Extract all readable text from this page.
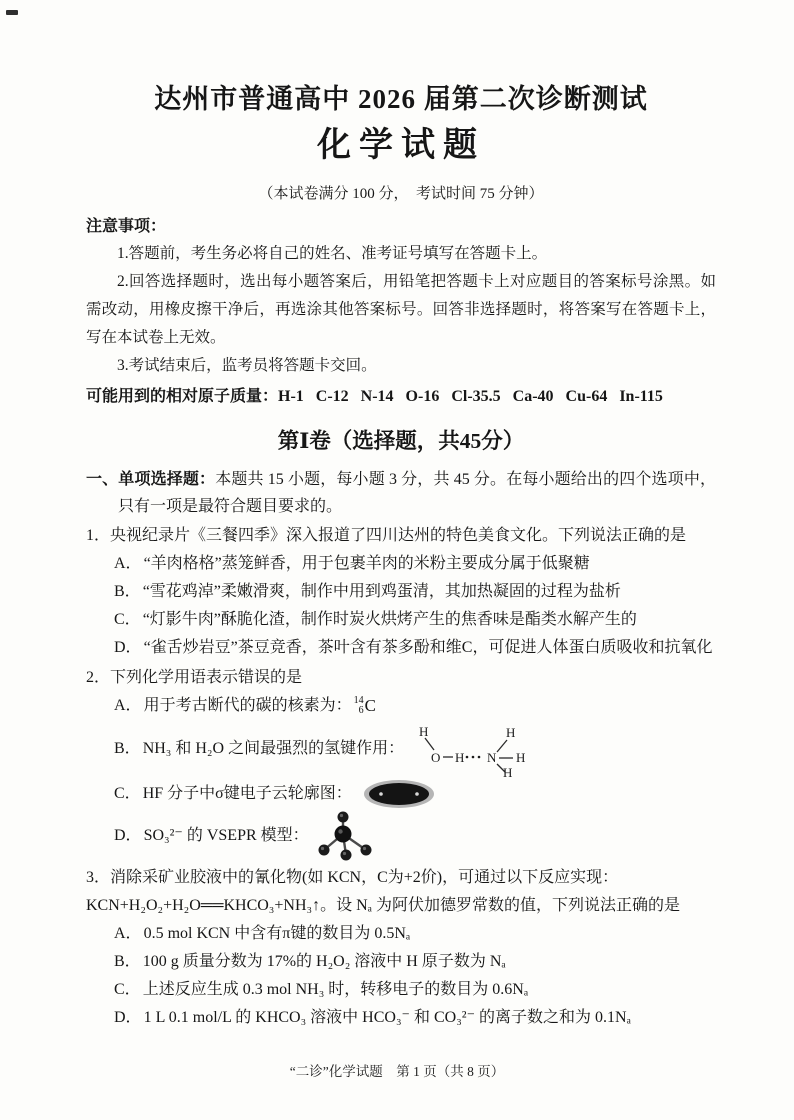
达州市普通高中 2026 届第二次诊断测试
化学试题
（本试卷满分 100 分，  考试时间 75 分钟）
注意事项：
1.答题前，考生务必将自己的姓名、准考证号填写在答题卡上。
2.回答选择题时，选出每小题答案后，用铅笔把答题卡上对应题目的答案标号涂黑。如需改动，用橡皮擦干净后，再选涂其他答案标号。回答非选择题时，将答案写在答题卡上，写在本试卷上无效。
3.考试结束后，监考员将答题卡交回。
可能用到的相对原子质量：H-1   C-12   N-14   O-16   Cl-35.5   Ca-40   Cu-64   In-115
第Ⅰ卷（选择题，共45分）
一、单项选择题：本题共 15 小题，每小题 3 分，共 45 分。在每小题给出的四个选项中，只有一项是最符合题目要求的。
1．央视纪录片《三餐四季》深入报道了四川达州的特色美食文化。下列说法正确的是
A． “羊肉格格”蒸笼鲜香，用于包裹羊肉的米粉主要成分属于低聚糖
B． “雪花鸡淖”柔嫩滑爽，制作中用到鸡蛋清，其加热凝固的过程为盐析
C． “灯影牛肉”酥脆化渣，制作时炭火烘烤产生的焦香味是酯类水解产生的
D． “雀舌炒岩豆”茶豆竞香，茶叶含有茶多酚和维C，可促进人体蛋白质吸收和抗氧化
2．下列化学用语表示错误的是
A． 用于考古断代的碳的核素为： 14
6 C
B． NH₃ 和 H₂O 之间最强烈的氢键作用：
H
O H N
H
H
H
C． HF 分子中σ键电子云轮廓图：
D． SO₃²⁻ 的 VSEPR 模型：
3．消除采矿业胶液中的氰化物(如 KCN，C为+2价)，可通过以下反应实现：
KCN+H₂O₂+H₂O══KHCO₃+NH₃↑。设 Nₐ 为阿伏加德罗常数的值，下列说法正确的是
A． 0.5 mol KCN 中含有π键的数目为 0.5Nₐ
B． 100 g 质量分数为 17%的 H₂O₂ 溶液中 H 原子数为 Nₐ
C． 上述反应生成 0.3 mol NH₃ 时，转移电子的数目为 0.6Nₐ
D． 1 L 0.1 mol/L 的 KHCO₃ 溶液中 HCO₃⁻ 和 CO₃²⁻ 的离子数之和为 0.1Nₐ
“二诊”化学试题　第 1 页（共 8 页）
